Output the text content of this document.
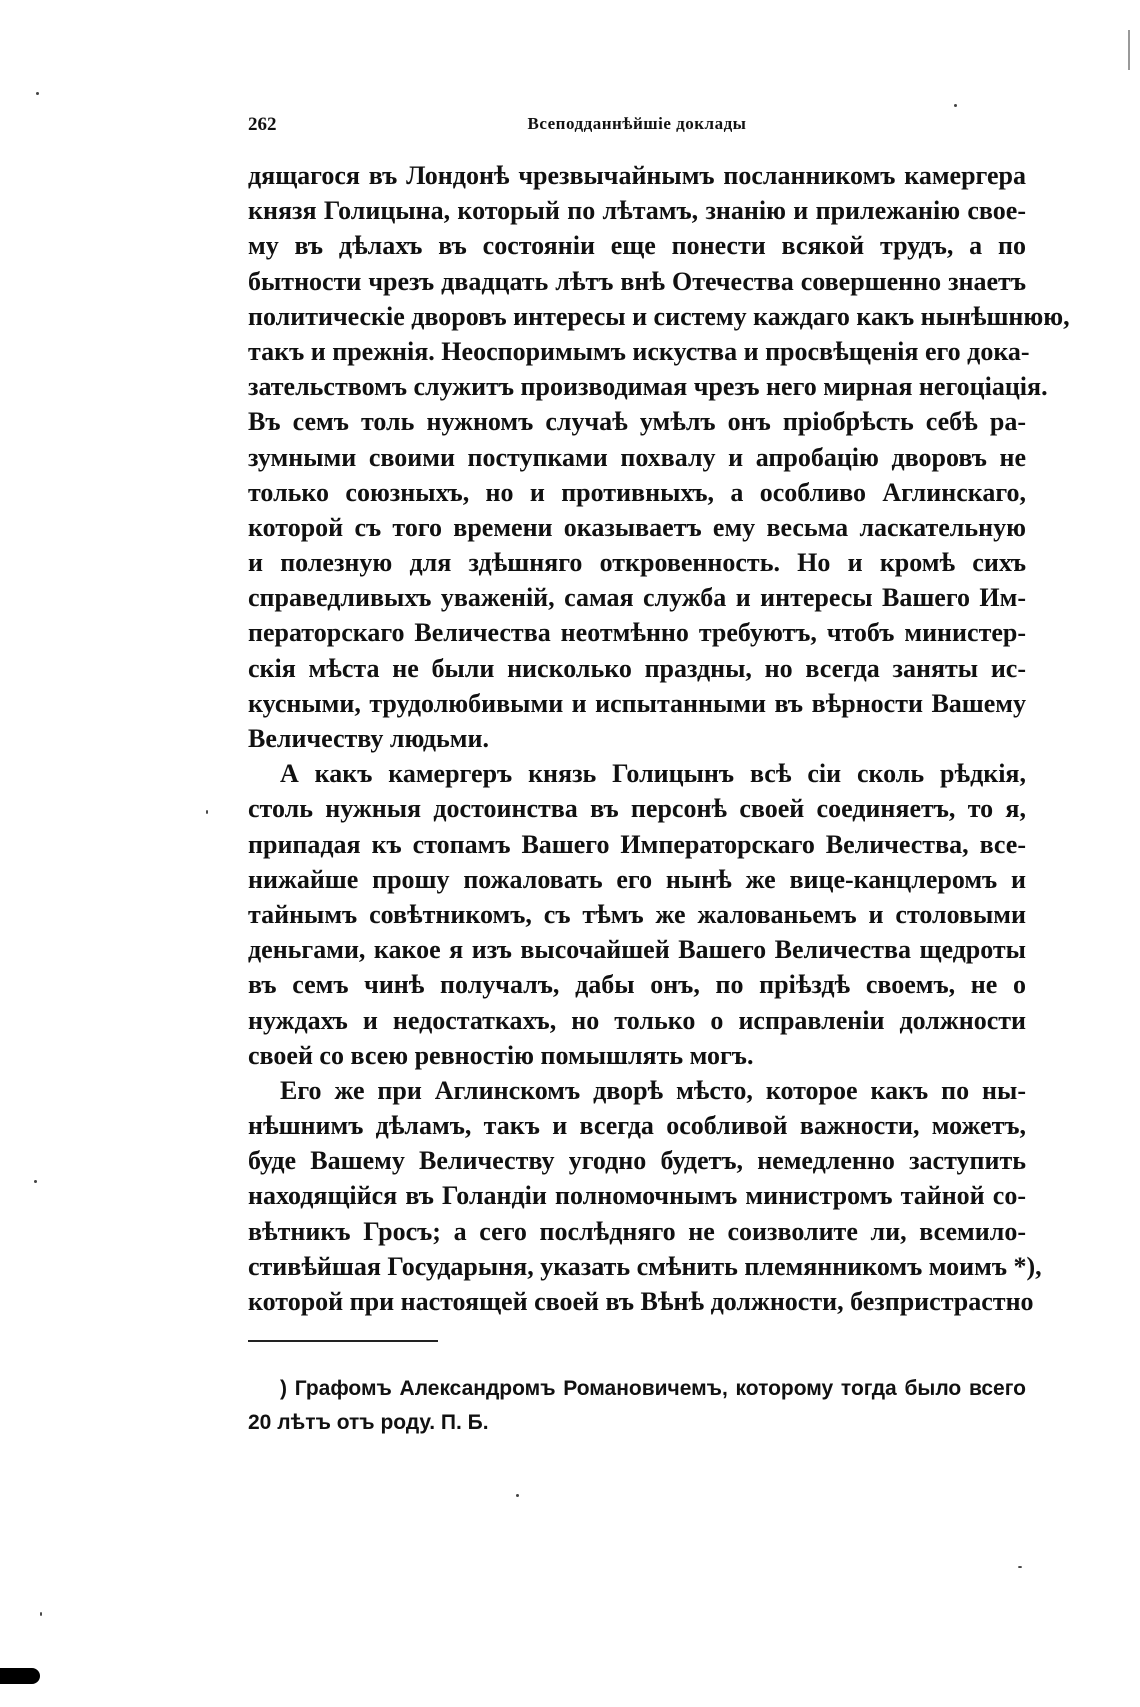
262	Всеподданнѣйшіе доклады
дящагося въ Лондонѣ чрезвычайнымъ посланникомъ камергера
князя Голицына, который по лѣтамъ, знанію и прилежанію свое-
му въ дѣлахъ въ состояніи еще понести всякой трудъ, а по
бытности чрезъ двадцать лѣтъ внѣ Отечества совершенно знаетъ
политическіе дворовъ интересы и систему каждаго какъ нынѣшнюю,
такъ и прежнія. Неоспоримымъ искуства и просвѣщенія его дока-
зательствомъ служитъ производимая чрезъ него мирная негоціація.
Въ семъ толь нужномъ случаѣ умѣлъ онъ пріобрѣсть себѣ ра-
зумными своими поступками похвалу и апробацію дворовъ не
только союзныхъ, но и противныхъ, а особливо Аглинскаго,
которой съ того времени оказываетъ ему весьма ласкательную
и полезную для здѣшняго откровенность. Но и кромѣ сихъ
справедливыхъ уваженій, самая служба и интересы Вашего Им-
ператорскаго Величества неотмѣнно требуютъ, чтобъ министер-
скія мѣста не были нисколько праздны, но всегда заняты ис-
кусными, трудолюбивыми и испытанными въ вѣрности Вашему
Величеству людьми.
А какъ камергеръ князь Голицынъ всѣ сіи сколь рѣдкія,
столь нужныя достоинства въ персонѣ своей соединяетъ, то я,
припадая къ стопамъ Вашего Императорскаго Величества, все-
нижайше прошу пожаловать его нынѣ же вице-канцлеромъ и
тайнымъ совѣтникомъ, съ тѣмъ же жалованьемъ и столовыми
деньгами, какое я изъ высочайшей Вашего Величества щедроты
въ семъ чинѣ получалъ, дабы онъ, по пріѣздѣ своемъ, не о
нуждахъ и недостаткахъ, но только о исправленіи должности
своей со всею ревностію помышлять могъ.
Его же при Аглинскомъ дворѣ мѣсто, которое какъ по ны-
нѣшнимъ дѣламъ, такъ и всегда особливой важности, можетъ,
буде Вашему Величеству угодно будетъ, немедленно заступить
находящійся въ Голандіи полномочнымъ министромъ тайной со-
вѣтникъ Гросъ; а сего послѣдняго не соизволите ли, всемило-
стивѣйшая Государыня, указать смѣнить племянникомъ моимъ *),
которой при настоящей своей въ Вѣнѣ должности, безпристрастно
) Графомъ Александромъ Романовичемъ, которому тогда было всего
20 лѣтъ отъ роду. П. Б.
